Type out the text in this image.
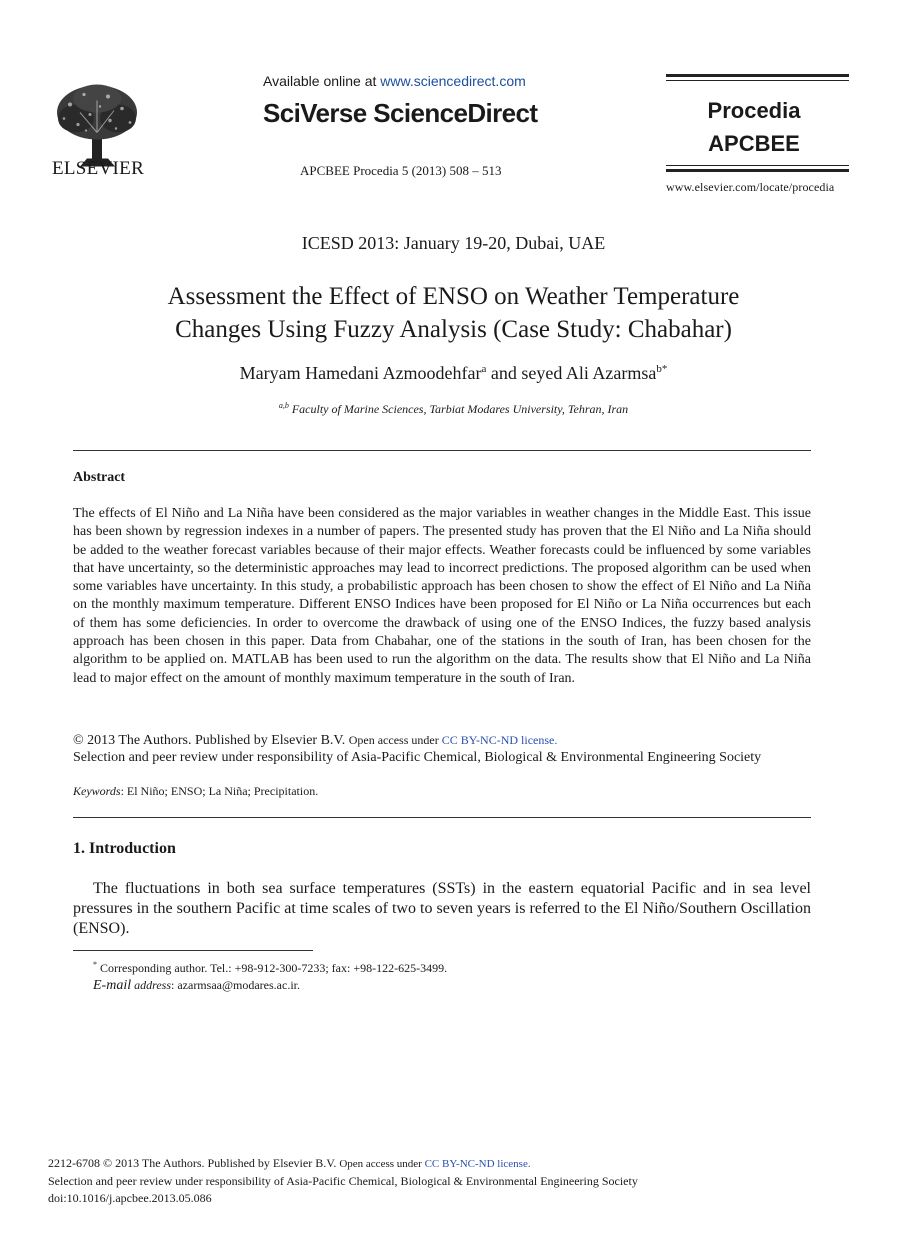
ELSEVIER
Available online at www.sciencedirect.com
SciVerse ScienceDirect
APCBEE Procedia 5 (2013) 508 – 513
Procedia
APCBEE
www.elsevier.com/locate/procedia
ICESD 2013: January 19-20, Dubai, UAE
Assessment the Effect of ENSO on Weather Temperature
Changes Using Fuzzy Analysis (Case Study: Chabahar)
Maryam Hamedani Azmoodehfar$^a$ and seyed Ali Azarmsa$^{b*}$
$^{a,b}$ Faculty of Marine Sciences, Tarbiat Modares University, Tehran, Iran
Abstract
The effects of El Niño and La Niña have been considered as the major variables in weather changes in the Middle East. This issue has been shown by regression indexes in a number of papers. The presented study has proven that the El Niño and La Niña should be added to the weather forecast variables because of their major effects. Weather forecasts could be influenced by some variables that have uncertainty, so the deterministic approaches may lead to incorrect predictions. The proposed algorithm can be used when some variables have uncertainty. In this study, a probabilistic approach has been chosen to show the effect of El Niño and La Niña on the monthly maximum temperature. Different ENSO Indices have been proposed for El Niño or La Niña occurrences but each of them has some deficiencies. In order to overcome the drawback of using one of the ENSO Indices, the fuzzy based analysis approach has been chosen in this paper. Data from Chabahar, one of the stations in the south of Iran, has been chosen for the algorithm to be applied on. MATLAB has been used to run the algorithm on the data. The results show that El Niño and La Niña lead to major effect on the amount of monthly maximum temperature in the south of Iran.
© 2013 The Authors. Published by Elsevier B.V. Open access under CC BY-NC-ND license.
Selection and peer review under responsibility of Asia-Pacific Chemical, Biological & Environmental Engineering Society
Keywords: El Niño; ENSO; La Niña; Precipitation.
1. Introduction
The fluctuations in both sea surface temperatures (SSTs) in the eastern equatorial Pacific and in sea level pressures in the southern Pacific at time scales of two to seven years is referred to the El Niño/Southern Oscillation (ENSO).
* Corresponding author. Tel.: +98-912-300-7233; fax: +98-122-625-3499.
E-mail address: azarmsaa@modares.ac.ir.
2212-6708 © 2013 The Authors. Published by Elsevier B.V. Open access under CC BY-NC-ND license.
Selection and peer review under responsibility of Asia-Pacific Chemical, Biological & Environmental Engineering Society
doi:10.1016/j.apcbee.2013.05.086
